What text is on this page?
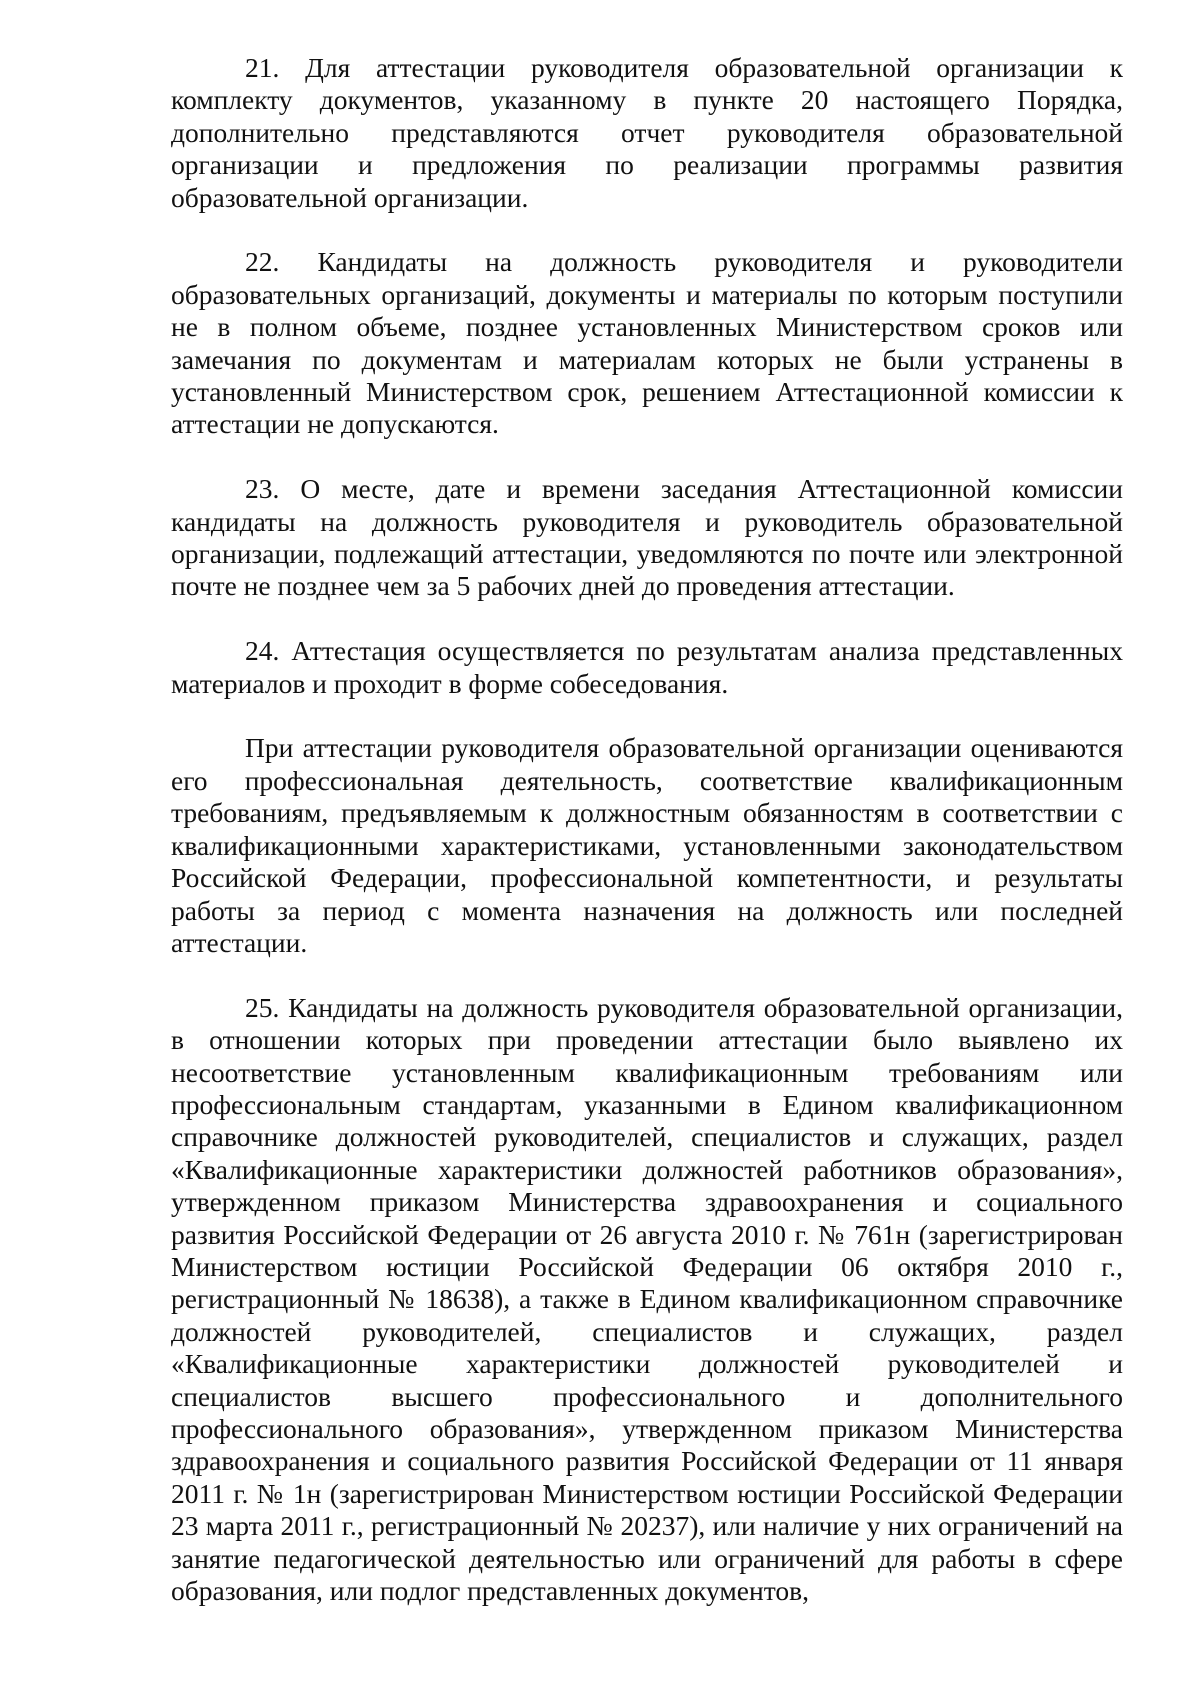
21. Для аттестации руководителя образовательной организации к комплекту документов, указанному в пункте 20 настоящего Порядка, дополнительно представляются отчет руководителя образовательной организации и предложения по реализации программы развития образовательной организации.

22. Кандидаты на должность руководителя и руководители образовательных организаций, документы и материалы по которым поступили не в полном объеме, позднее установленных Министерством сроков или замечания по документам и материалам которых не были устранены в установленный Министерством срок, решением Аттестационной комиссии к аттестации не допускаются.

23. О месте, дате и времени заседания Аттестационной комиссии кандидаты на должность руководителя и руководитель образовательной организации, подлежащий аттестации, уведомляются по почте или электронной почте не позднее чем за 5 рабочих дней до проведения аттестации.

24. Аттестация осуществляется по результатам анализа представленных материалов и проходит в форме собеседования.

При аттестации руководителя образовательной организации оцениваются его профессиональная деятельность, соответствие квалификационным требованиям, предъявляемым к должностным обязанностям в соответствии с квалификационными характеристиками, установленными законодательством Российской Федерации, профессиональной компетентности, и результаты работы за период с момента назначения на должность или последней аттестации.

25. Кандидаты на должность руководителя образовательной организации, в отношении которых при проведении аттестации было выявлено их несоответствие установленным квалификационным требованиям или профессиональным стандартам, указанными в Едином квалификационном справочнике должностей руководителей, специалистов и служащих, раздел «Квалификационные характеристики должностей работников образования», утвержденном приказом Министерства здравоохранения и социального развития Российской Федерации от 26 августа 2010 г. № 761н (зарегистрирован Министерством юстиции Российской Федерации 06 октября 2010 г., регистрационный № 18638), а также в Едином квалификационном справочнике должностей руководителей, специалистов и служащих, раздел «Квалификационные характеристики должностей руководителей и специалистов высшего профессионального и дополнительного профессионального образования», утвержденном приказом Министерства здравоохранения и социального развития Российской Федерации от 11 января 2011 г. № 1н (зарегистрирован Министерством юстиции Российской Федерации 23 марта 2011 г., регистрационный № 20237), или наличие у них ограничений на занятие педагогической деятельностью или ограничений для работы в сфере образования, или подлог представленных документов,
